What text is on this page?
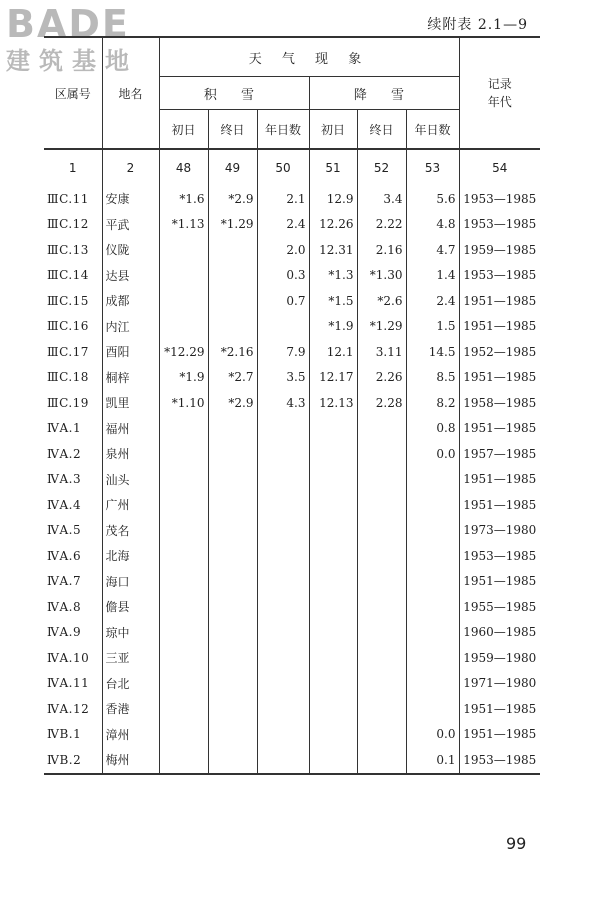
BADE
建筑基地
续附表 2.1—9
区属号	地名	天 气 现 象						记录年代
		积 雪			降 雪			
		初日	终日	年日数	初日	终日	年日数	
1	2	48	49	50	51	52	53	54
ⅢC.11	安康	*1.6	*2.9	2.1	12.9	3.4	5.6	1953—1985
ⅢC.12	平武	*1.13	*1.29	2.4	12.26	2.22	4.8	1953—1985
ⅢC.13	仪陇			2.0	12.31	2.16	4.7	1959—1985
ⅢC.14	达县			0.3	*1.3	*1.30	1.4	1953—1985
ⅢC.15	成都			0.7	*1.5	*2.6	2.4	1951—1985
ⅢC.16	内江				*1.9	*1.29	1.5	1951—1985
ⅢC.17	酉阳	*12.29	*2.16	7.9	12.1	3.11	14.5	1952—1985
ⅢC.18	桐梓	*1.9	*2.7	3.5	12.17	2.26	8.5	1951—1985
ⅢC.19	凯里	*1.10	*2.9	4.3	12.13	2.28	8.2	1958—1985
ⅣA.1	福州						0.8	1951—1985
ⅣA.2	泉州						0.0	1957—1985
ⅣA.3	汕头							1951—1985
ⅣA.4	广州							1951—1985
ⅣA.5	茂名							1973—1980
ⅣA.6	北海							1953—1985
ⅣA.7	海口							1951—1985
ⅣA.8	儋县							1955—1985
ⅣA.9	琼中							1960—1985
ⅣA.10	三亚							1959—1980
ⅣA.11	台北							1971—1980
ⅣA.12	香港							1951—1985
ⅣB.1	漳州						0.0	1951—1985
ⅣB.2	梅州						0.1	1953—1985
99
